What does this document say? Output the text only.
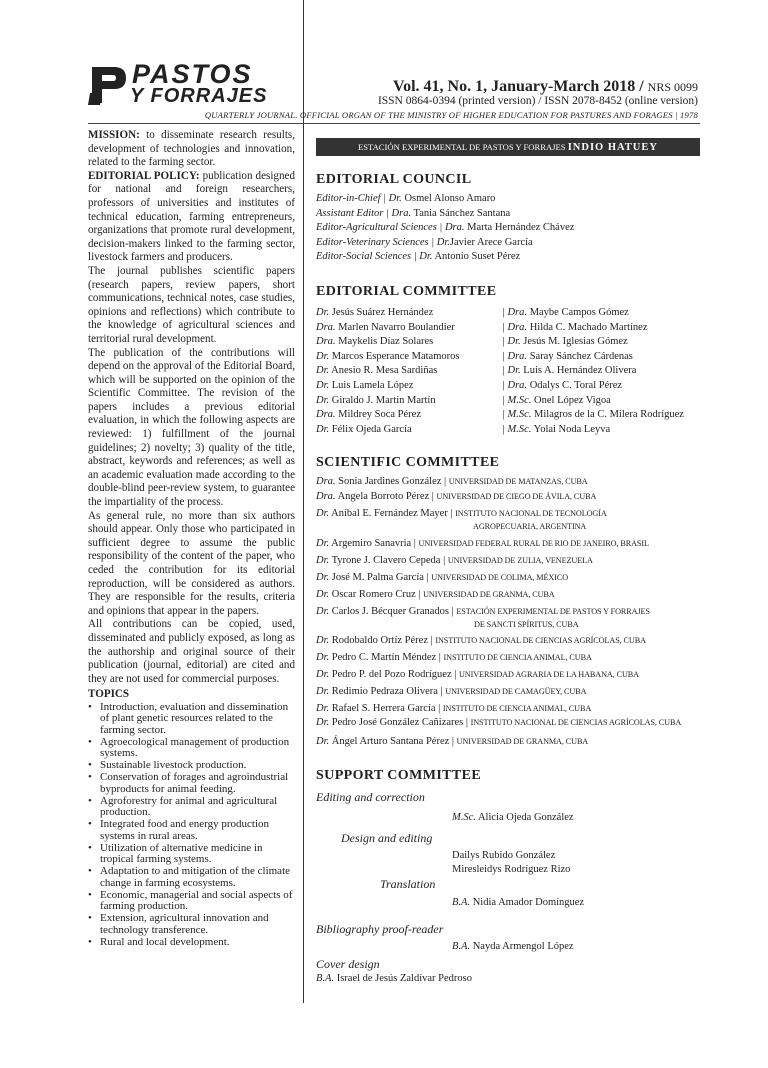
PASTOS
Y FORRAJES	Vol. 41, No. 1, January-March 2018 / NRS 0099
ISSN 0864-0394 (printed version) / ISSN 2078-8452 (online version)
QUARTERLY JOURNAL. OFFICIAL ORGAN OF THE MINISTRY OF HIGHER EDUCATION FOR PASTURES AND FORAGES | 1978

MISSION: to disseminate research results, development of technologies and innovation, related to the farming sector.

EDITORIAL POLICY: publication designed for national and foreign researchers, professors of universities and institutes of technical education, farming entrepreneurs, organizations that promote rural development, decision-makers linked to the farming sector, livestock farmers and producers.

The journal publishes scientific papers (research papers, review papers, short communications, technical notes, case studies, opinions and reflections) which contribute to the knowledge of agricultural sciences and territorial rural development.

The publication of the contributions will depend on the approval of the Editorial Board, which will be supported on the opinion of the Scientific Committee. The revision of the papers includes a previous editorial evaluation, in which the following aspects are reviewed: 1) fulfillment of the journal guidelines; 2) novelty; 3) quality of the title, abstract, keywords and references; as well as an academic evaluation made according to the double-blind peer-review system, to guarantee the impartiality of the process.

As general rule, no more than six authors should appear. Only those who participated in sufficient degree to assume the public responsibility of the content of the paper, who ceded the contribution for its editorial reproduction, will be considered as authors. They are responsible for the results, criteria and opinions that appear in the papers.

All contributions can be copied, used, disseminated and publicly exposed, as long as the authorship and original source of their publication (journal, editorial) are cited and they are not used for commercial purposes.

TOPICS
• Introduction, evaluation and dissemination of plant genetic resources related to the farming sector.
• Agroecological management of production systems.
• Sustainable livestock production.
• Conservation of forages and agroindustrial byproducts for animal feeding.
• Agroforestry for animal and agricultural production.
• Integrated food and energy production systems in rural areas.
• Utilization of alternative medicine in tropical farming systems.
• Adaptation to and mitigation of the climate change in farming ecosystems.
• Economic, managerial and social aspects of farming production.
• Extension, agricultural innovation and technology transference.
• Rural and local development.
ESTACIÓN EXPERIMENTAL DE PASTOS Y FORRAJES INDIO HATUEY
EDITORIAL COUNCIL
Editor-in-Chief | Dr. Osmel Alonso Amaro
Assistant Editor | Dra. Tania Sánchez Santana
Editor-Agricultural Sciences | Dra. Marta Hernández Chávez
Editor-Veterinary Sciences | Dr.Javier Arece García
Editor-Social Sciences | Dr. Antonio Suset Pérez
EDITORIAL COMMITTEE
Dr. Jesús Suárez Hernández
Dra. Marlen Navarro Boulandier
Dra. Maykelis Díaz Solares
Dr. Marcos Esperance Matamoros
Dr. Anesio R. Mesa Sardiñas
Dr. Luis Lamela López
Dr. Giraldo J. Martín Martín
Dra. Mildrey Soca Pérez
Dr. Félix Ojeda García
| Dra. Maybe Campos Gómez
| Dra. Hilda C. Machado Martínez
| Dr. Jesús M. Iglesias Gómez
| Dra. Saray Sánchez Cárdenas
| Dr. Luis A. Hernández Olivera
| Dra. Odalys C. Toral Pérez
| M.Sc. Onel López Vigoa
| M.Sc. Milagros de la C. Milera Rodríguez
| M.Sc. Yolai Noda Leyva
SCIENTIFIC COMMITTEE
Dra. Sonia Jardines González | UNIVERSIDAD DE MATANZAS, CUBA
Dra. Angela Borroto Pérez | UNIVERSIDAD DE CIEGO DE ÁVILA, CUBA
Dr. Aníbal E. Fernández Mayer | INSTITUTO NACIONAL DE TECNOLOGÍA
AGROPECUARIA, ARGENTINA
Dr. Argemiro Sanavria | UNIVERSIDAD FEDERAL RURAL DE RIO DE JANEIRO, BRASIL
Dr. Tyrone J. Clavero Cepeda | UNIVERSIDAD DE ZULIA, VENEZUELA
Dr. José M. Palma García | UNIVERSIDAD DE COLIMA, MÉXICO
Dr. Oscar Romero Cruz | UNIVERSIDAD DE GRANMA, CUBA
Dr. Carlos J. Bécquer Granados | ESTACIÓN EXPERIMENTAL DE PASTOS Y FORRAJES
DE SANCTI SPÍRITUS, CUBA
Dr. Rodobaldo Ortíz Pérez | INSTITUTO NACIONAL DE CIENCIAS AGRÍCOLAS, CUBA
Dr. Pedro C. Martín Méndez | INSTITUTO DE CIENCIA ANIMAL, CUBA
Dr. Pedro P. del Pozo Rodríguez | UNIVERSIDAD AGRARIA DE LA HABANA, CUBA
Dr. Redimio Pedraza Olivera | UNIVERSIDAD DE CAMAGÜEY, CUBA
Dr. Rafael S. Herrera García | INSTITUTO DE CIENCIA ANIMAL, CUBA
Dr. Pedro José González Cañizares | INSTITUTO NACIONAL DE CIENCIAS AGRÍCOLAS, CUBA
Dr. Ángel Arturo Santana Pérez | UNIVERSIDAD DE GRANMA, CUBA
SUPPORT COMMITTEE
Editing and correction
M.Sc. Alicia Ojeda González
Design and editing
Dailys Rubido González
Miresleidys Rodríguez Rizo
Translation
B.A. Nidia Amador Domínguez
Bibliography proof-reader
B.A. Nayda Armengol López
Cover design
B.A. Israel de Jesús Zaldívar Pedroso
